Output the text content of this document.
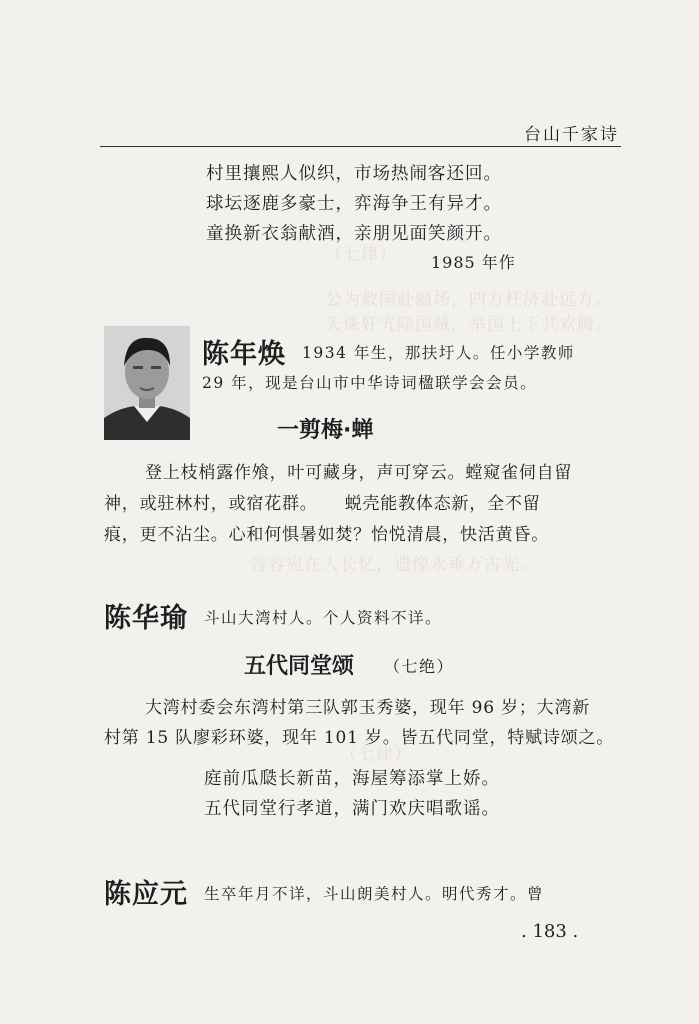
台山千家诗
（七律）
公为救国赴疆场，四方枉济赴远方。
天诛奸宄除国贼，举国上下共欢腾。
音容宛在人长忆，遗像永垂万古光。
（七律）
村里攘熙人似织，市场热闹客还回。
球坛逐鹿多豪士，弈海争王有异才。
童换新衣翁献酒，亲朋见面笑颜开。
1985 年作
陈年焕 1934 年生，那扶圩人。任小学教师
29 年，现是台山市中华诗词楹联学会会员。
一剪梅·蝉
登上枝梢露作飧，叶可藏身，声可穿云。螳窥雀伺自留
神，或驻林村，或宿花群。　　蜕壳能教体态新，全不留
痕，更不沾尘。心和何惧暑如焚？怡悦清晨，快活黄昏。
陈华瑜 斗山大湾村人。个人资料不详。
五代同堂颂 （七绝）
大湾村委会东湾村第三队郭玉秀婆，现年 96 岁；大湾新
村第 15 队廖彩环婆，现年 101 岁。皆五代同堂，特赋诗颂之。
庭前瓜瓞长新苗，海屋筹添掌上娇。
五代同堂行孝道，满门欢庆唱歌谣。
陈应元 生卒年月不详，斗山朗美村人。明代秀才。曾
. 183 .
